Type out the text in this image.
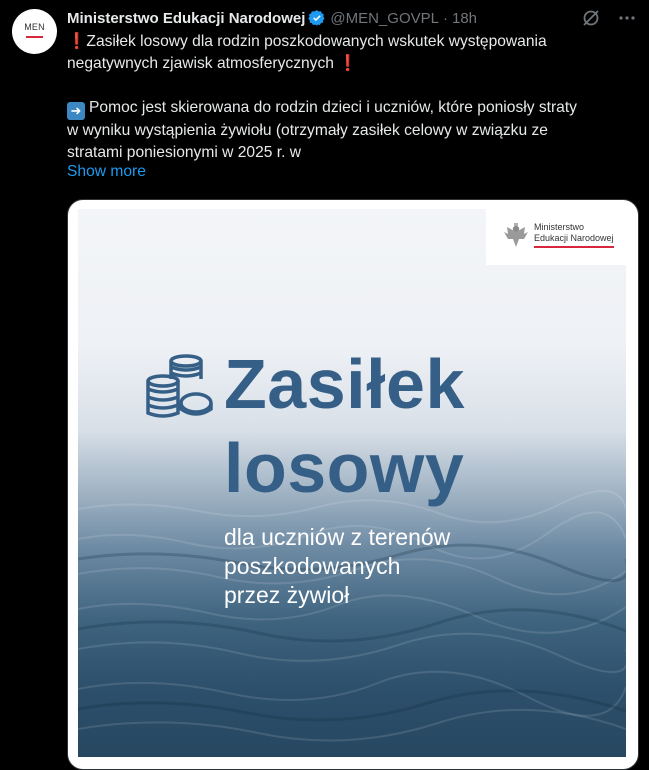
MEN
Ministerstwo Edukacji Narodowej @MEN_GOVPL · 18h

❗Zasiłek losowy dla rodzin poszkodowanych wskutek występowania
negatywnych zjawisk atmosferycznych ❗

➜ Pomoc jest skierowana do rodzin dzieci i uczniów, które poniosły straty
w wyniku wystąpienia żywiołu (otrzymały zasiłek celowy w związku ze
stratami poniesionymi w 2025 r. w

Show more
Ministerstwo
Edukacji Narodowej
Zasiłek
losowy
dla uczniów z terenów
poszkodowanych
przez żywioł
